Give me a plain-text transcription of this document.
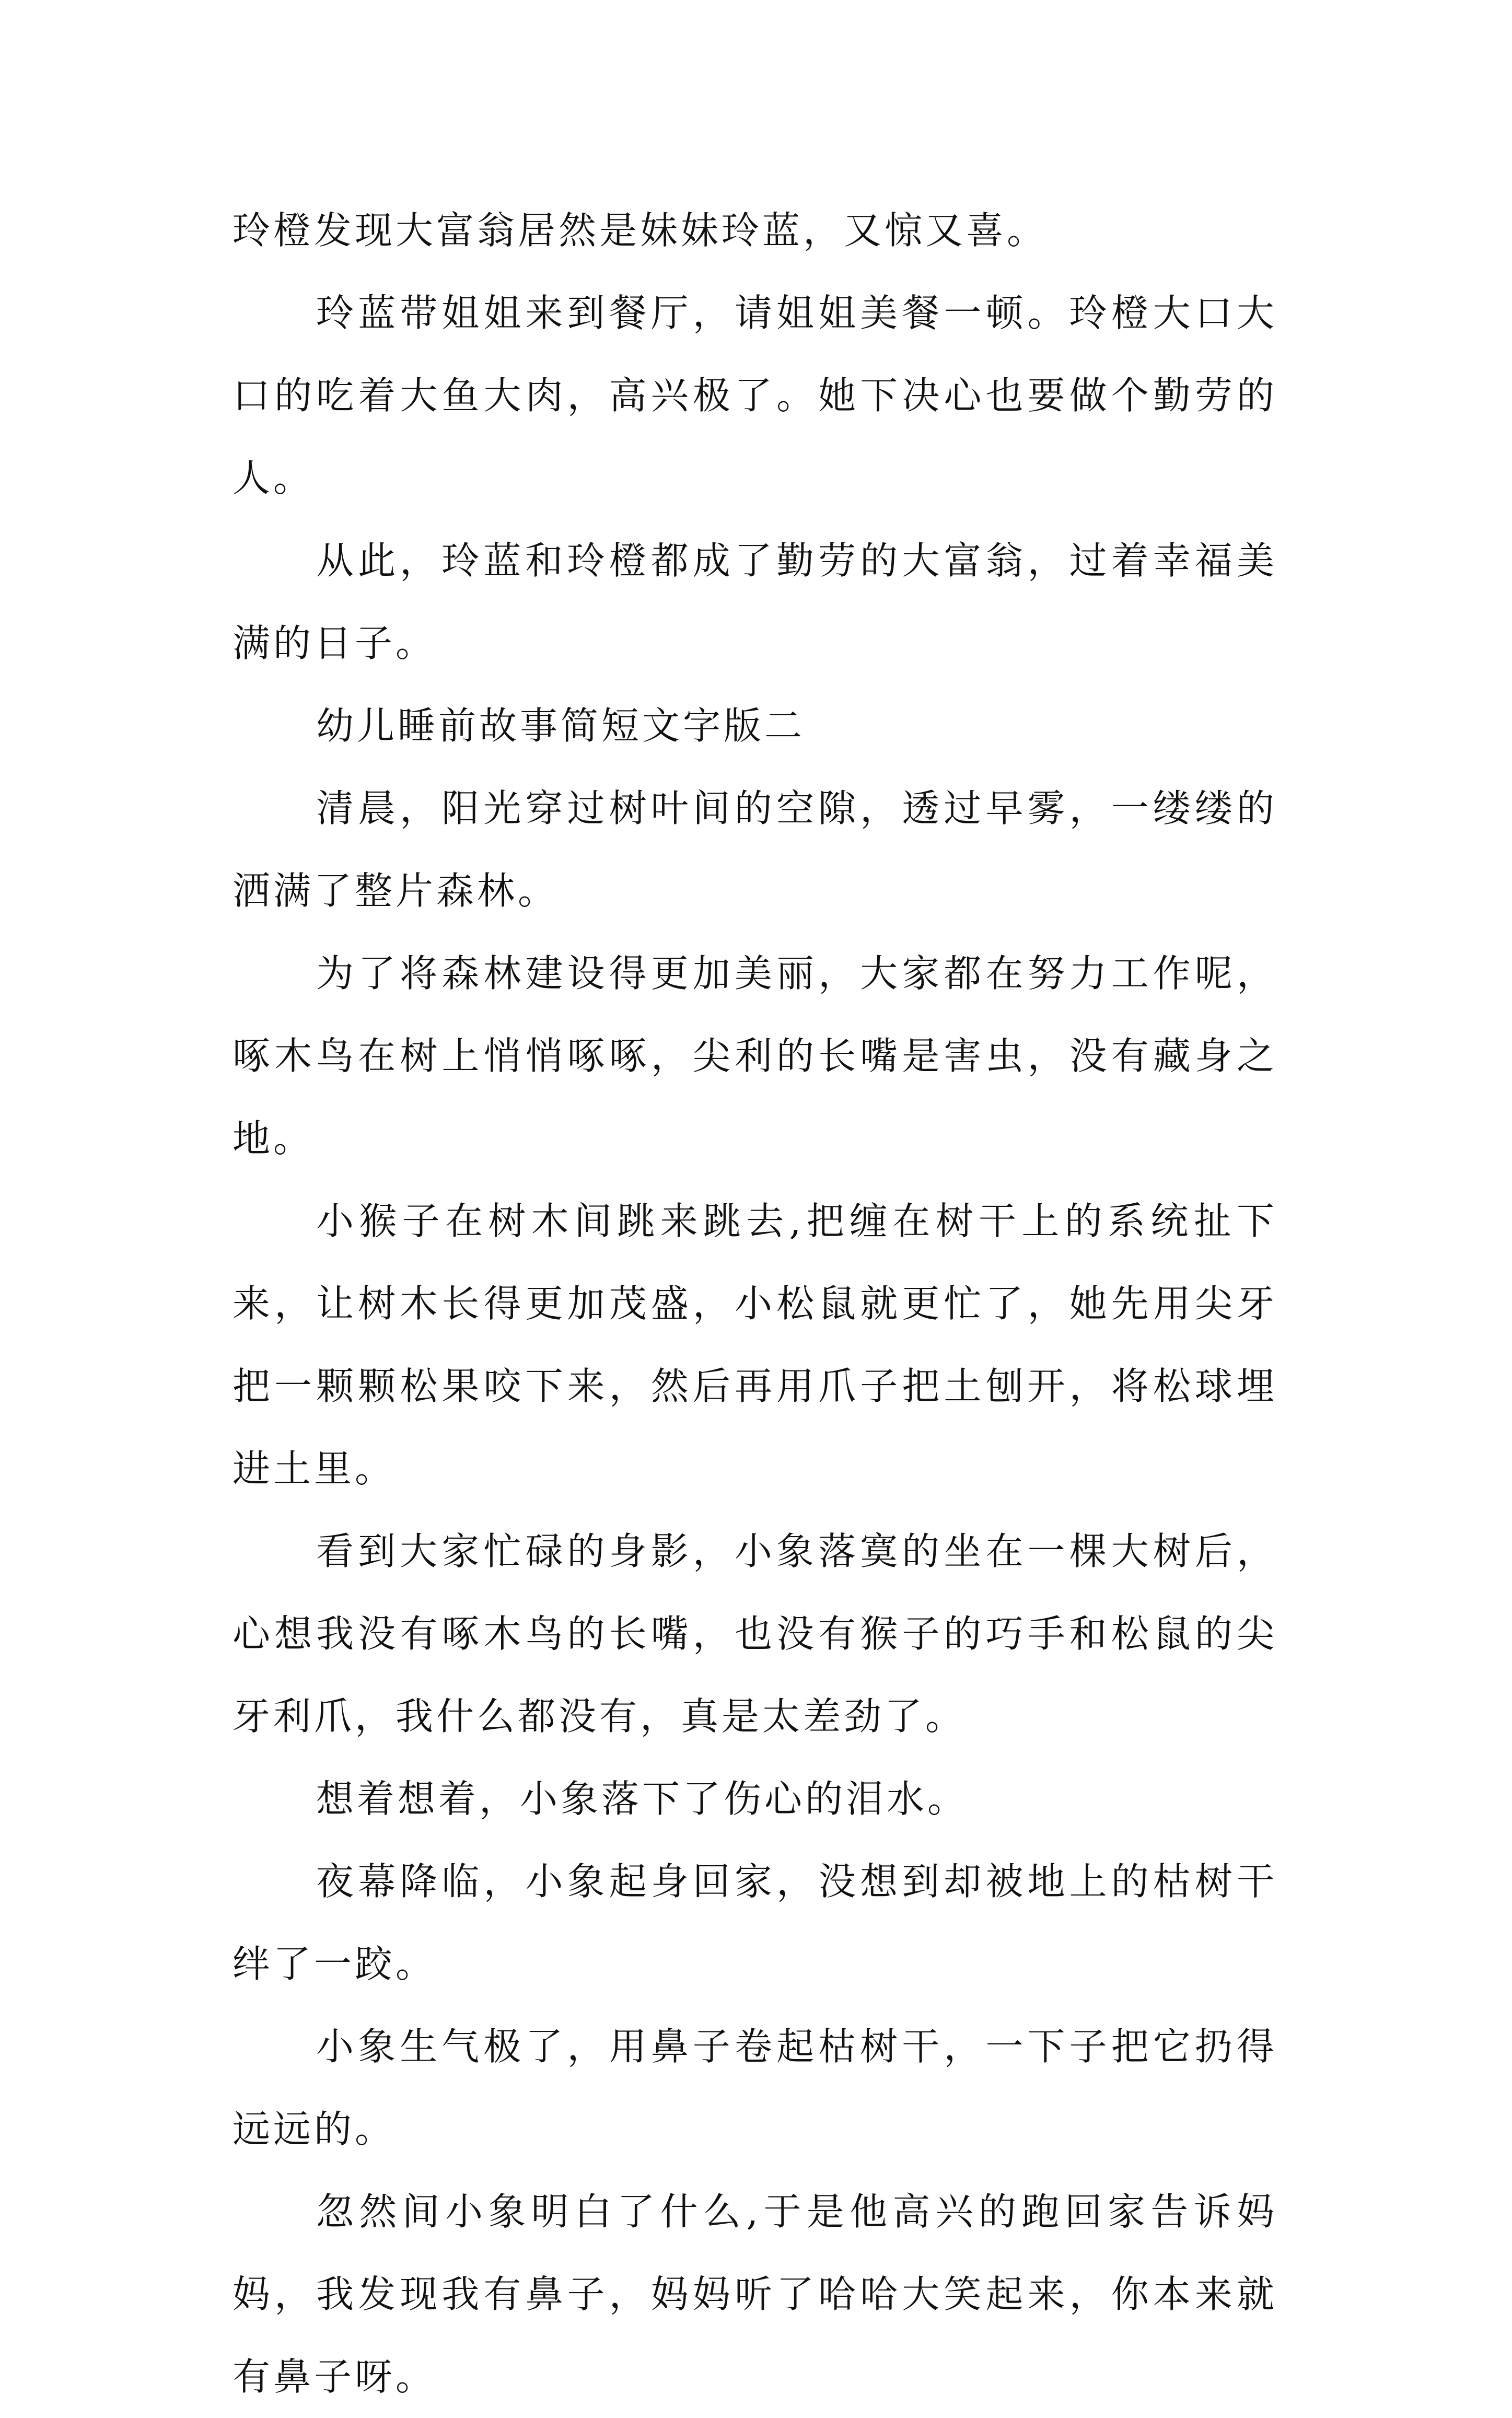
玲橙发现大富翁居然是妹妹玲蓝，又惊又喜。

玲蓝带姐姐来到餐厅，请姐姐美餐一顿。玲橙大口大口的吃着大鱼大肉，高兴极了。她下决心也要做个勤劳的人。

从此，玲蓝和玲橙都成了勤劳的大富翁，过着幸福美满的日子。

幼儿睡前故事简短文字版二

清晨，阳光穿过树叶间的空隙，透过早雾，一缕缕的洒满了整片森林。

为了将森林建设得更加美丽，大家都在努力工作呢，啄木鸟在树上悄悄啄啄，尖利的长嘴是害虫，没有藏身之地。

小猴子在树木间跳来跳去,把缠在树干上的系统扯下来，让树木长得更加茂盛，小松鼠就更忙了，她先用尖牙把一颗颗松果咬下来，然后再用爪子把土刨开，将松球埋进土里。

看到大家忙碌的身影，小象落寞的坐在一棵大树后，心想我没有啄木鸟的长嘴，也没有猴子的巧手和松鼠的尖牙利爪，我什么都没有，真是太差劲了。

想着想着，小象落下了伤心的泪水。

夜幕降临，小象起身回家，没想到却被地上的枯树干绊了一跤。

小象生气极了，用鼻子卷起枯树干，一下子把它扔得远远的。

忽然间小象明白了什么,于是他高兴的跑回家告诉妈妈，我发现我有鼻子，妈妈听了哈哈大笑起来，你本来就有鼻子呀。
